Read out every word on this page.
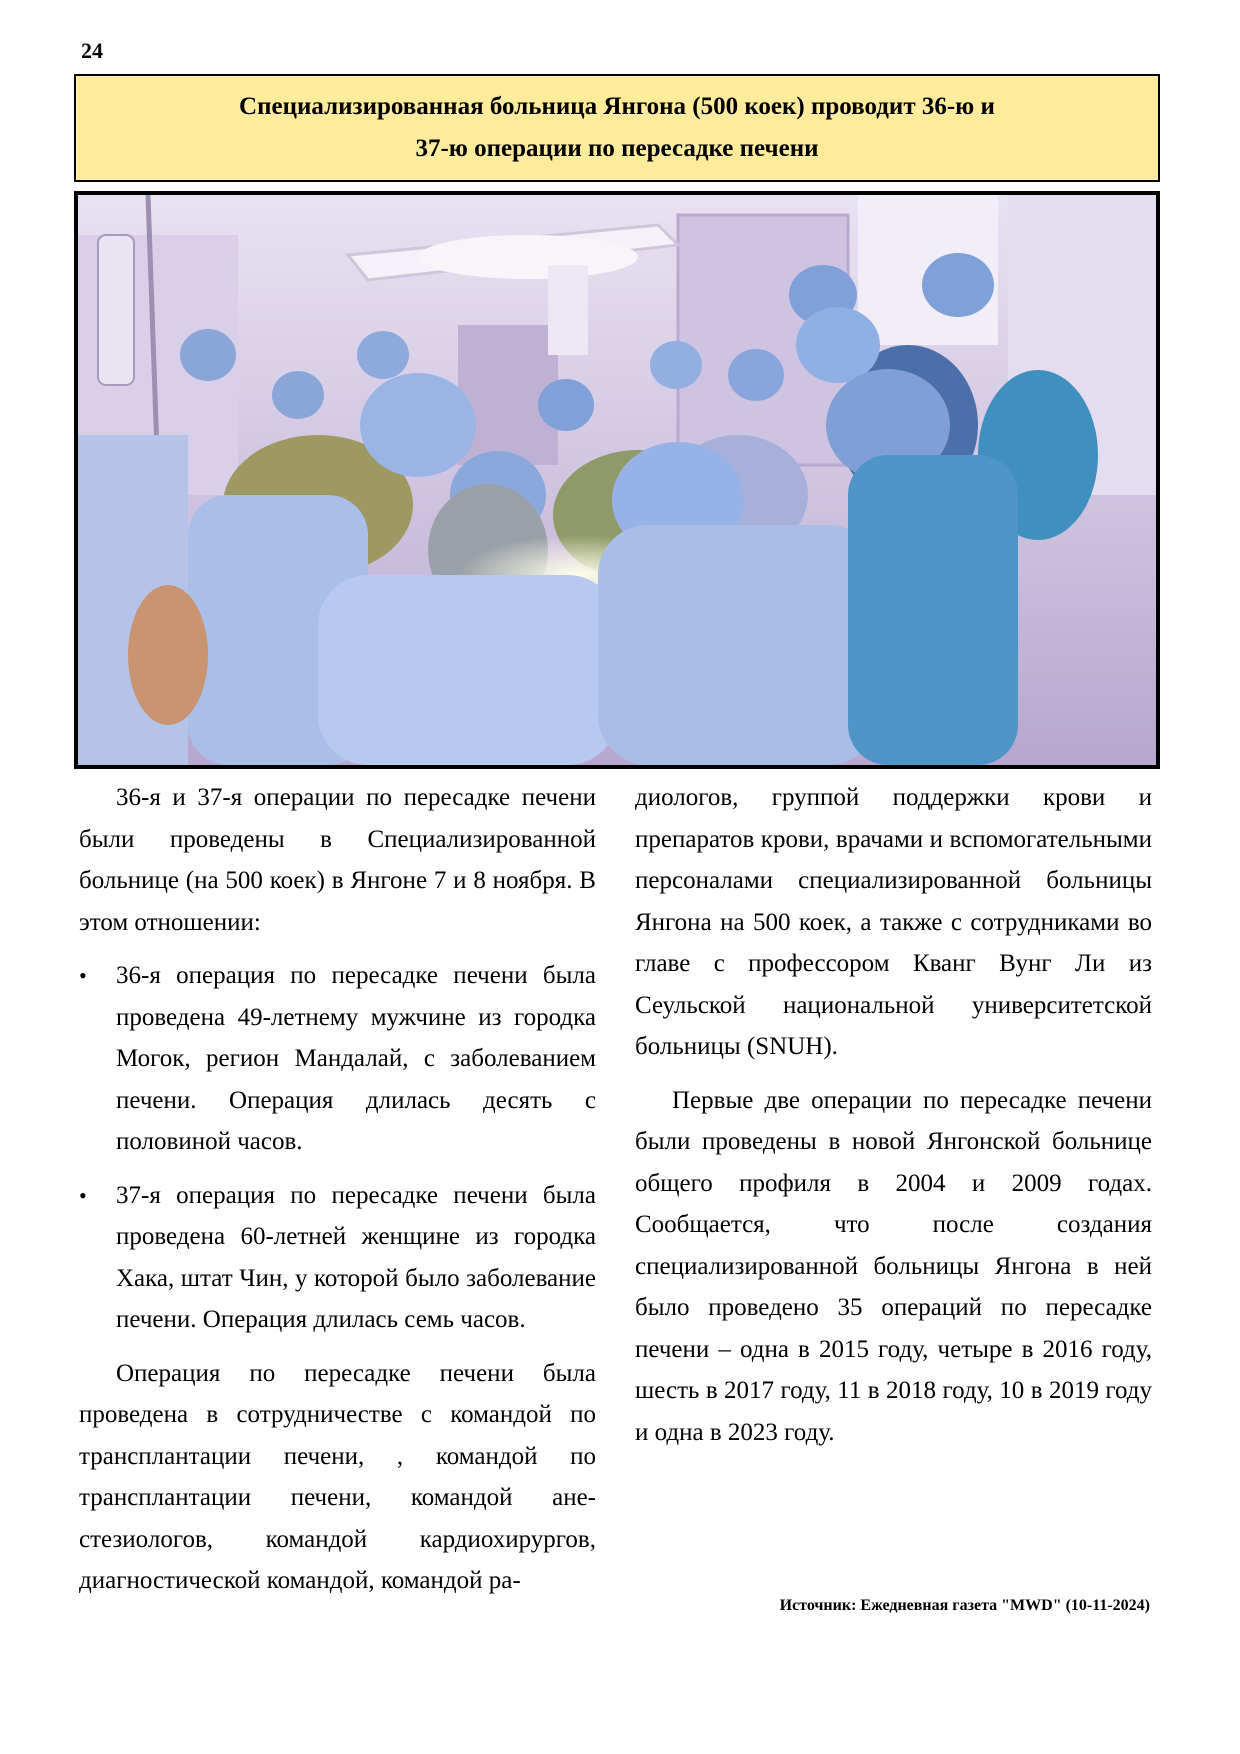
24
Специализированная больница Янгона (500 коек) проводит 36-ю и
37-ю операции по пересадке печени

36-я и 37-я операции по пересадке печени были проведены в Специализированной больнице (на 500 коек) в Янгоне 7 и 8 ноября. В этом отношении:

• 36-я операция по пересадке печени была проведена 49-летнему мужчине из городка Могок, регион Мандалай, с заболеванием печени. Операция длилась десять с половиной часов.
• 37-я операция по пересадке печени была проведена 60-летней женщине из городка Хака, штат Чин, у которой было заболевание печени. Операция длилась семь часов.

Операция по пересадке печени была проведена в сотрудничестве с командой по трансплантации печени, , командой по трансплантации печени, командой анестезиологов, командой кардиохирургов, диагностической командой, командой ра-

диологов, группой поддержки крови и препаратов крови, врачами и вспомогательными персоналами специализированной больницы Янгона на 500 коек, а также с сотрудниками во главе с профессором Кванг Вунг Ли из Сеульской национальной университетской больницы (SNUH).

Первые две операции по пересадке печени были проведены в новой Янгонской больнице общего профиля в 2004 и 2009 годах. Сообщается, что после создания специализированной больницы Янгона в ней было проведено 35 операций по пересадке печени – одна в 2015 году, четыре в 2016 году, шесть в 2017 году, 11 в 2018 году, 10 в 2019 году и одна в 2023 году.

Источник: Ежедневная газета "MWD" (10-11-2024)
